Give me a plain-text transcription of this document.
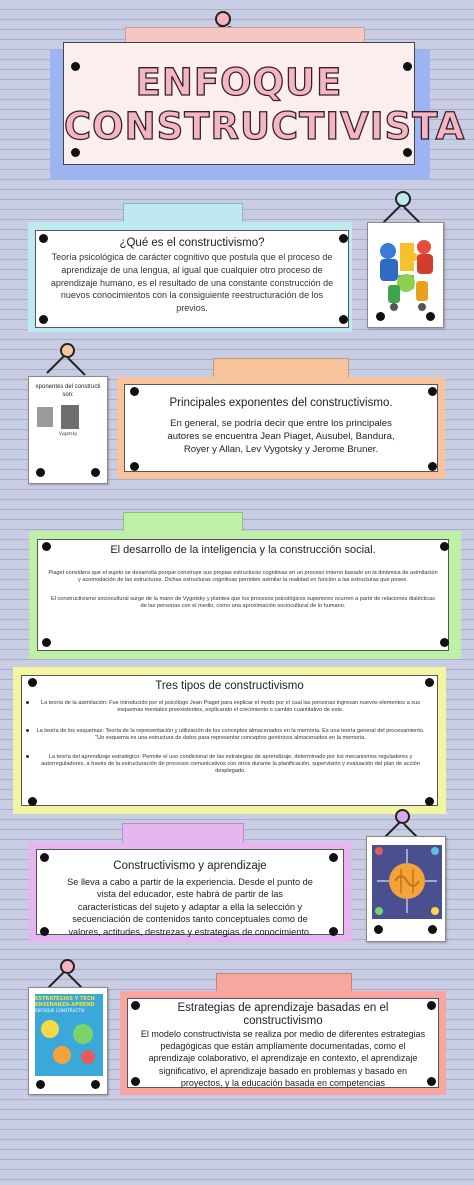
ENFOQUE
CONSTRUCTIVISTA
¿Qué es el constructivismo?
Teoría psicológica de carácter cognitivo que postula que el proceso de aprendizaje de una lengua, al igual que cualquier otro proceso de aprendizaje humano, es el resultado de una constante construcción de nuevos conocimientos con la consiguiente reestructuración de los previos.
xponentes del constructi son:
Vygotsky
Principales exponentes del constructivismo.
En general, se podría decir que entre los principales autores se encuentra Jean Piaget, Ausubel, Bandura, Royer y Allan, Lev Vygotsky y Jerome Bruner.
El desarrollo de la inteligencia y la construcción social.
Piaget considera que el sujeto se desarrolla porque construye sus propias estructuras cognitivas en un proceso interno basado en la dinámica de asimilación y acomodación de las estructuras. Dichas estructuras cognitivas permiten asimilar la realidad en función a las estructuras que posee.
El constructivismo sociocultural surge de la mano de Vygotsky y plantea que los procesos psicológicos superiores ocurren a partir de relaciones dialécticas de las personas con el medio, como una aproximación sociocultural de lo humano.
Tres tipos de constructivismo
La teoría de la asimilación: Fue introducido por el psicólogo Jean Piaget para explicar el modo por el cual las personas ingresan nuevos elementos a sus esquemas mentales preexistentes, explicando el crecimiento o cambio cuantitativo de este.
La teoría de los esquemas: Teoría de la representación y utilización de los conceptos almacenados en la memoria. Es una teoría general del procesamiento. "Un esquema es una estructura de datos para representar conceptos genéricos almacenados en la memoria.
La teoría del aprendizaje estratégico: Permite el uso condicional de las estrategias de aprendizaje, determinado por los mecanismos reguladores y autorreguladores, a través de la estructuración de procesos comunicativos con otros durante la planificación, supervisión y evaluación del plan de acción desplegado.
Constructivismo y aprendizaje
Se lleva a cabo a partir de la experiencia. Desde el punto de vista del educador, este habrá de partir de las características del sujeto y adaptar a ella la selección y secuenciación de contenidos tanto conceptuales como de valores, actitudes, destrezas y estrategias de conocimiento.
ESTRATEGIAS Y TECN
ENSEÑANZA-APREND
ENFOQUE CONSTRUCTIV	Estrategias de aprendizaje basadas en el constructivismo
El modelo constructivista se realiza por medio de diferentes estrategias pedagógicas que están ampliamente documentadas, como el aprendizaje colaborativo, el aprendizaje en contexto, el aprendizaje significativo, el aprendizaje basado en problemas y basado en proyectos, y la educación basada en competencias
